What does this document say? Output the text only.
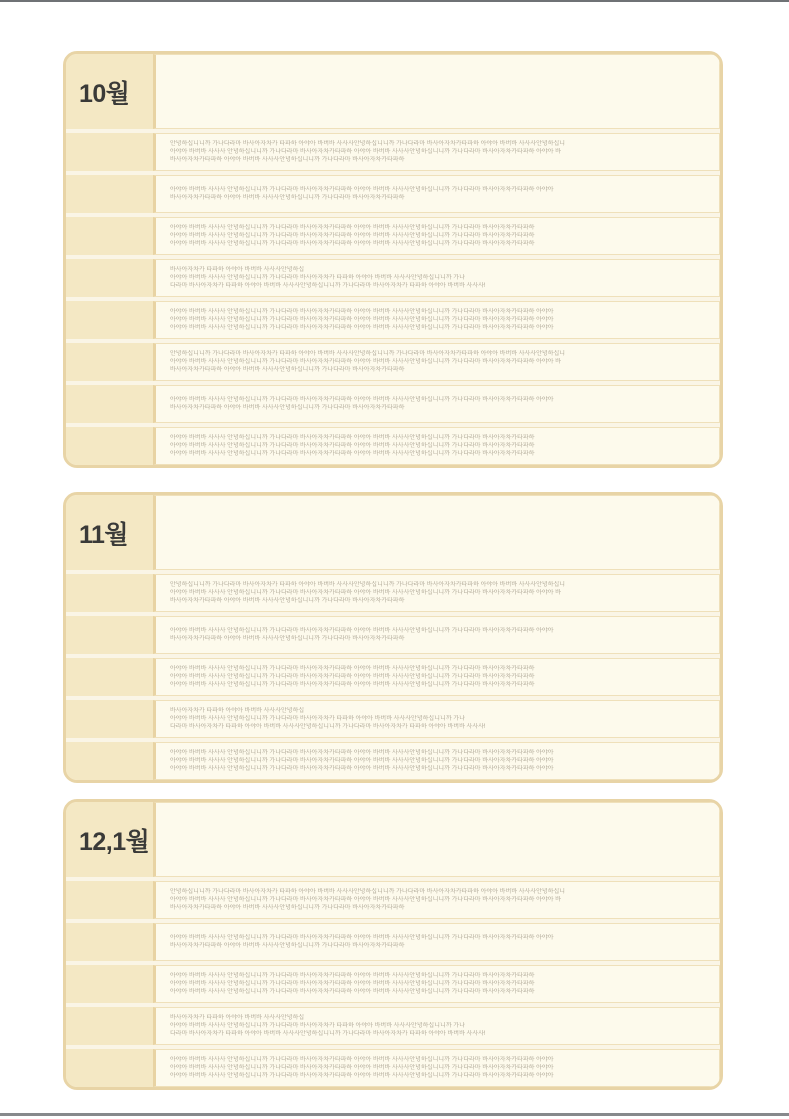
10월

안녕하십니니까 가나다라마 바사아자차카 타파하 아야아 바버바 사사사안녕하십니니까 가나다라마 바사아자차카타파하 아야아 바버바 사사사안녕하십니

아야아 바버바 사사사 안녕하십니니까 가나다라마 바사아자차카타파하 아야아 바버바 사사사안녕하십니니까 가나다라마 바사아자차카타파하 아야아 바

바사아자차카타파하 아야아 바버바 사사사안녕하십니니까 가나다라마 바사아자차카타파하

아야아 바버바 사사사 안녕하십니니까 가나다라마 바사아자차카타파하 아야아 바버바 사사사안녕하십니니까 가나다라마 바사아자차카타파하 아야아

바사아자차카타파하 아야아 바버바 사사사안녕하십니니까 가나다라마 바사아자차카타파하

아야아 바버바 사사사 안녕하십니니까 가나다라마 바사아자차카타파하 아야아 바버바 사사사안녕하십니니까 가나다라마 바사아자차카타파하

아야아 바버바 사사사 안녕하십니니까 가나다라마 바사아자차카타파하 아야아 바버바 사사사안녕하십니니까 가나다라마 바사아자차카타파하

아야아 바버바 사사사 안녕하십니니까 가나다라마 바사아자차카타파하 아야아 바버바 사사사안녕하십니니까 가나다라마 바사아자차카타파하

바사아자차카 타파하 아야아 바버바 사사사안녕하십

아야아 바버바 사사사 안녕하십니니까 가나다라마 바사아자차카 타파하 아야아 바버바 사사사안녕하십니니까 가나

다라마 바사아자차카 타파하 아야아 바버바 사사사안녕하십니니까 가나다라마 바사아자차카 타파하 아야아 바버바 사사사!

아야아 바버바 사사사 안녕하십니니까 가나다라마 바사아자차카타파하 아야아 바버바 사사사안녕하십니니까 가나다라마 바사아자차카타파하 아야아

아야아 바버바 사사사 안녕하십니니까 가나다라마 바사아자차카타파하 아야아 바버바 사사사안녕하십니니까 가나다라마 바사아자차카타파하 아야아

아야아 바버바 사사사 안녕하십니니까 가나다라마 바사아자차카타파하 아야아 바버바 사사사안녕하십니니까 가나다라마 바사아자차카타파하 아야아

안녕하십니니까 가나다라마 바사아자차카 타파하 아야아 바버바 사사사안녕하십니니까 가나다라마 바사아자차카타파하 아야아 바버바 사사사안녕하십니

아야아 바버바 사사사 안녕하십니니까 가나다라마 바사아자차카타파하 아야아 바버바 사사사안녕하십니니까 가나다라마 바사아자차카타파하 아야아 바

바사아자차카타파하 아야아 바버바 사사사안녕하십니니까 가나다라마 바사아자차카타파하

아야아 바버바 사사사 안녕하십니니까 가나다라마 바사아자차카타파하 아야아 바버바 사사사안녕하십니니까 가나다라마 바사아자차카타파하 아야아

바사아자차카타파하 아야아 바버바 사사사안녕하십니니까 가나다라마 바사아자차카타파하

아야아 바버바 사사사 안녕하십니니까 가나다라마 바사아자차카타파하 아야아 바버바 사사사안녕하십니니까 가나다라마 바사아자차카타파하

아야아 바버바 사사사 안녕하십니니까 가나다라마 바사아자차카타파하 아야아 바버바 사사사안녕하십니니까 가나다라마 바사아자차카타파하

아야아 바버바 사사사 안녕하십니니까 가나다라마 바사아자차카타파하 아야아 바버바 사사사안녕하십니니까 가나다라마 바사아자차카타파하

11월

안녕하십니니까 가나다라마 바사아자차카 타파하 아야아 바버바 사사사안녕하십니니까 가나다라마 바사아자차카타파하 아야아 바버바 사사사안녕하십니

아야아 바버바 사사사 안녕하십니니까 가나다라마 바사아자차카타파하 아야아 바버바 사사사안녕하십니니까 가나다라마 바사아자차카타파하 아야아 바

바사아자차카타파하 아야아 바버바 사사사안녕하십니니까 가나다라마 바사아자차카타파하

아야아 바버바 사사사 안녕하십니니까 가나다라마 바사아자차카타파하 아야아 바버바 사사사안녕하십니니까 가나다라마 바사아자차카타파하 아야아

바사아자차카타파하 아야아 바버바 사사사안녕하십니니까 가나다라마 바사아자차카타파하

아야아 바버바 사사사 안녕하십니니까 가나다라마 바사아자차카타파하 아야아 바버바 사사사안녕하십니니까 가나다라마 바사아자차카타파하

아야아 바버바 사사사 안녕하십니니까 가나다라마 바사아자차카타파하 아야아 바버바 사사사안녕하십니니까 가나다라마 바사아자차카타파하

아야아 바버바 사사사 안녕하십니니까 가나다라마 바사아자차카타파하 아야아 바버바 사사사안녕하십니니까 가나다라마 바사아자차카타파하

바사아자차카 타파하 아야아 바버바 사사사안녕하십

아야아 바버바 사사사 안녕하십니니까 가나다라마 바사아자차카 타파하 아야아 바버바 사사사안녕하십니니까 가나

다라마 바사아자차카 타파하 아야아 바버바 사사사안녕하십니니까 가나다라마 바사아자차카 타파하 아야아 바버바 사사사!

아야아 바버바 사사사 안녕하십니니까 가나다라마 바사아자차카타파하 아야아 바버바 사사사안녕하십니니까 가나다라마 바사아자차카타파하 아야아

아야아 바버바 사사사 안녕하십니니까 가나다라마 바사아자차카타파하 아야아 바버바 사사사안녕하십니니까 가나다라마 바사아자차카타파하 아야아

아야아 바버바 사사사 안녕하십니니까 가나다라마 바사아자차카타파하 아야아 바버바 사사사안녕하십니니까 가나다라마 바사아자차카타파하 아야아

12,1월

안녕하십니니까 가나다라마 바사아자차카 타파하 아야아 바버바 사사사안녕하십니니까 가나다라마 바사아자차카타파하 아야아 바버바 사사사안녕하십니

아야아 바버바 사사사 안녕하십니니까 가나다라마 바사아자차카타파하 아야아 바버바 사사사안녕하십니니까 가나다라마 바사아자차카타파하 아야아 바

바사아자차카타파하 아야아 바버바 사사사안녕하십니니까 가나다라마 바사아자차카타파하

아야아 바버바 사사사 안녕하십니니까 가나다라마 바사아자차카타파하 아야아 바버바 사사사안녕하십니니까 가나다라마 바사아자차카타파하 아야아

바사아자차카타파하 아야아 바버바 사사사안녕하십니니까 가나다라마 바사아자차카타파하

아야아 바버바 사사사 안녕하십니니까 가나다라마 바사아자차카타파하 아야아 바버바 사사사안녕하십니니까 가나다라마 바사아자차카타파하

아야아 바버바 사사사 안녕하십니니까 가나다라마 바사아자차카타파하 아야아 바버바 사사사안녕하십니니까 가나다라마 바사아자차카타파하

아야아 바버바 사사사 안녕하십니니까 가나다라마 바사아자차카타파하 아야아 바버바 사사사안녕하십니니까 가나다라마 바사아자차카타파하

바사아자차카 타파하 아야아 바버바 사사사안녕하십

아야아 바버바 사사사 안녕하십니니까 가나다라마 바사아자차카 타파하 아야아 바버바 사사사안녕하십니니까 가나

다라마 바사아자차카 타파하 아야아 바버바 사사사안녕하십니니까 가나다라마 바사아자차카 타파하 아야아 바버바 사사사!

아야아 바버바 사사사 안녕하십니니까 가나다라마 바사아자차카타파하 아야아 바버바 사사사안녕하십니니까 가나다라마 바사아자차카타파하 아야아

아야아 바버바 사사사 안녕하십니니까 가나다라마 바사아자차카타파하 아야아 바버바 사사사안녕하십니니까 가나다라마 바사아자차카타파하 아야아

아야아 바버바 사사사 안녕하십니니까 가나다라마 바사아자차카타파하 아야아 바버바 사사사안녕하십니니까 가나다라마 바사아자차카타파하 아야아
